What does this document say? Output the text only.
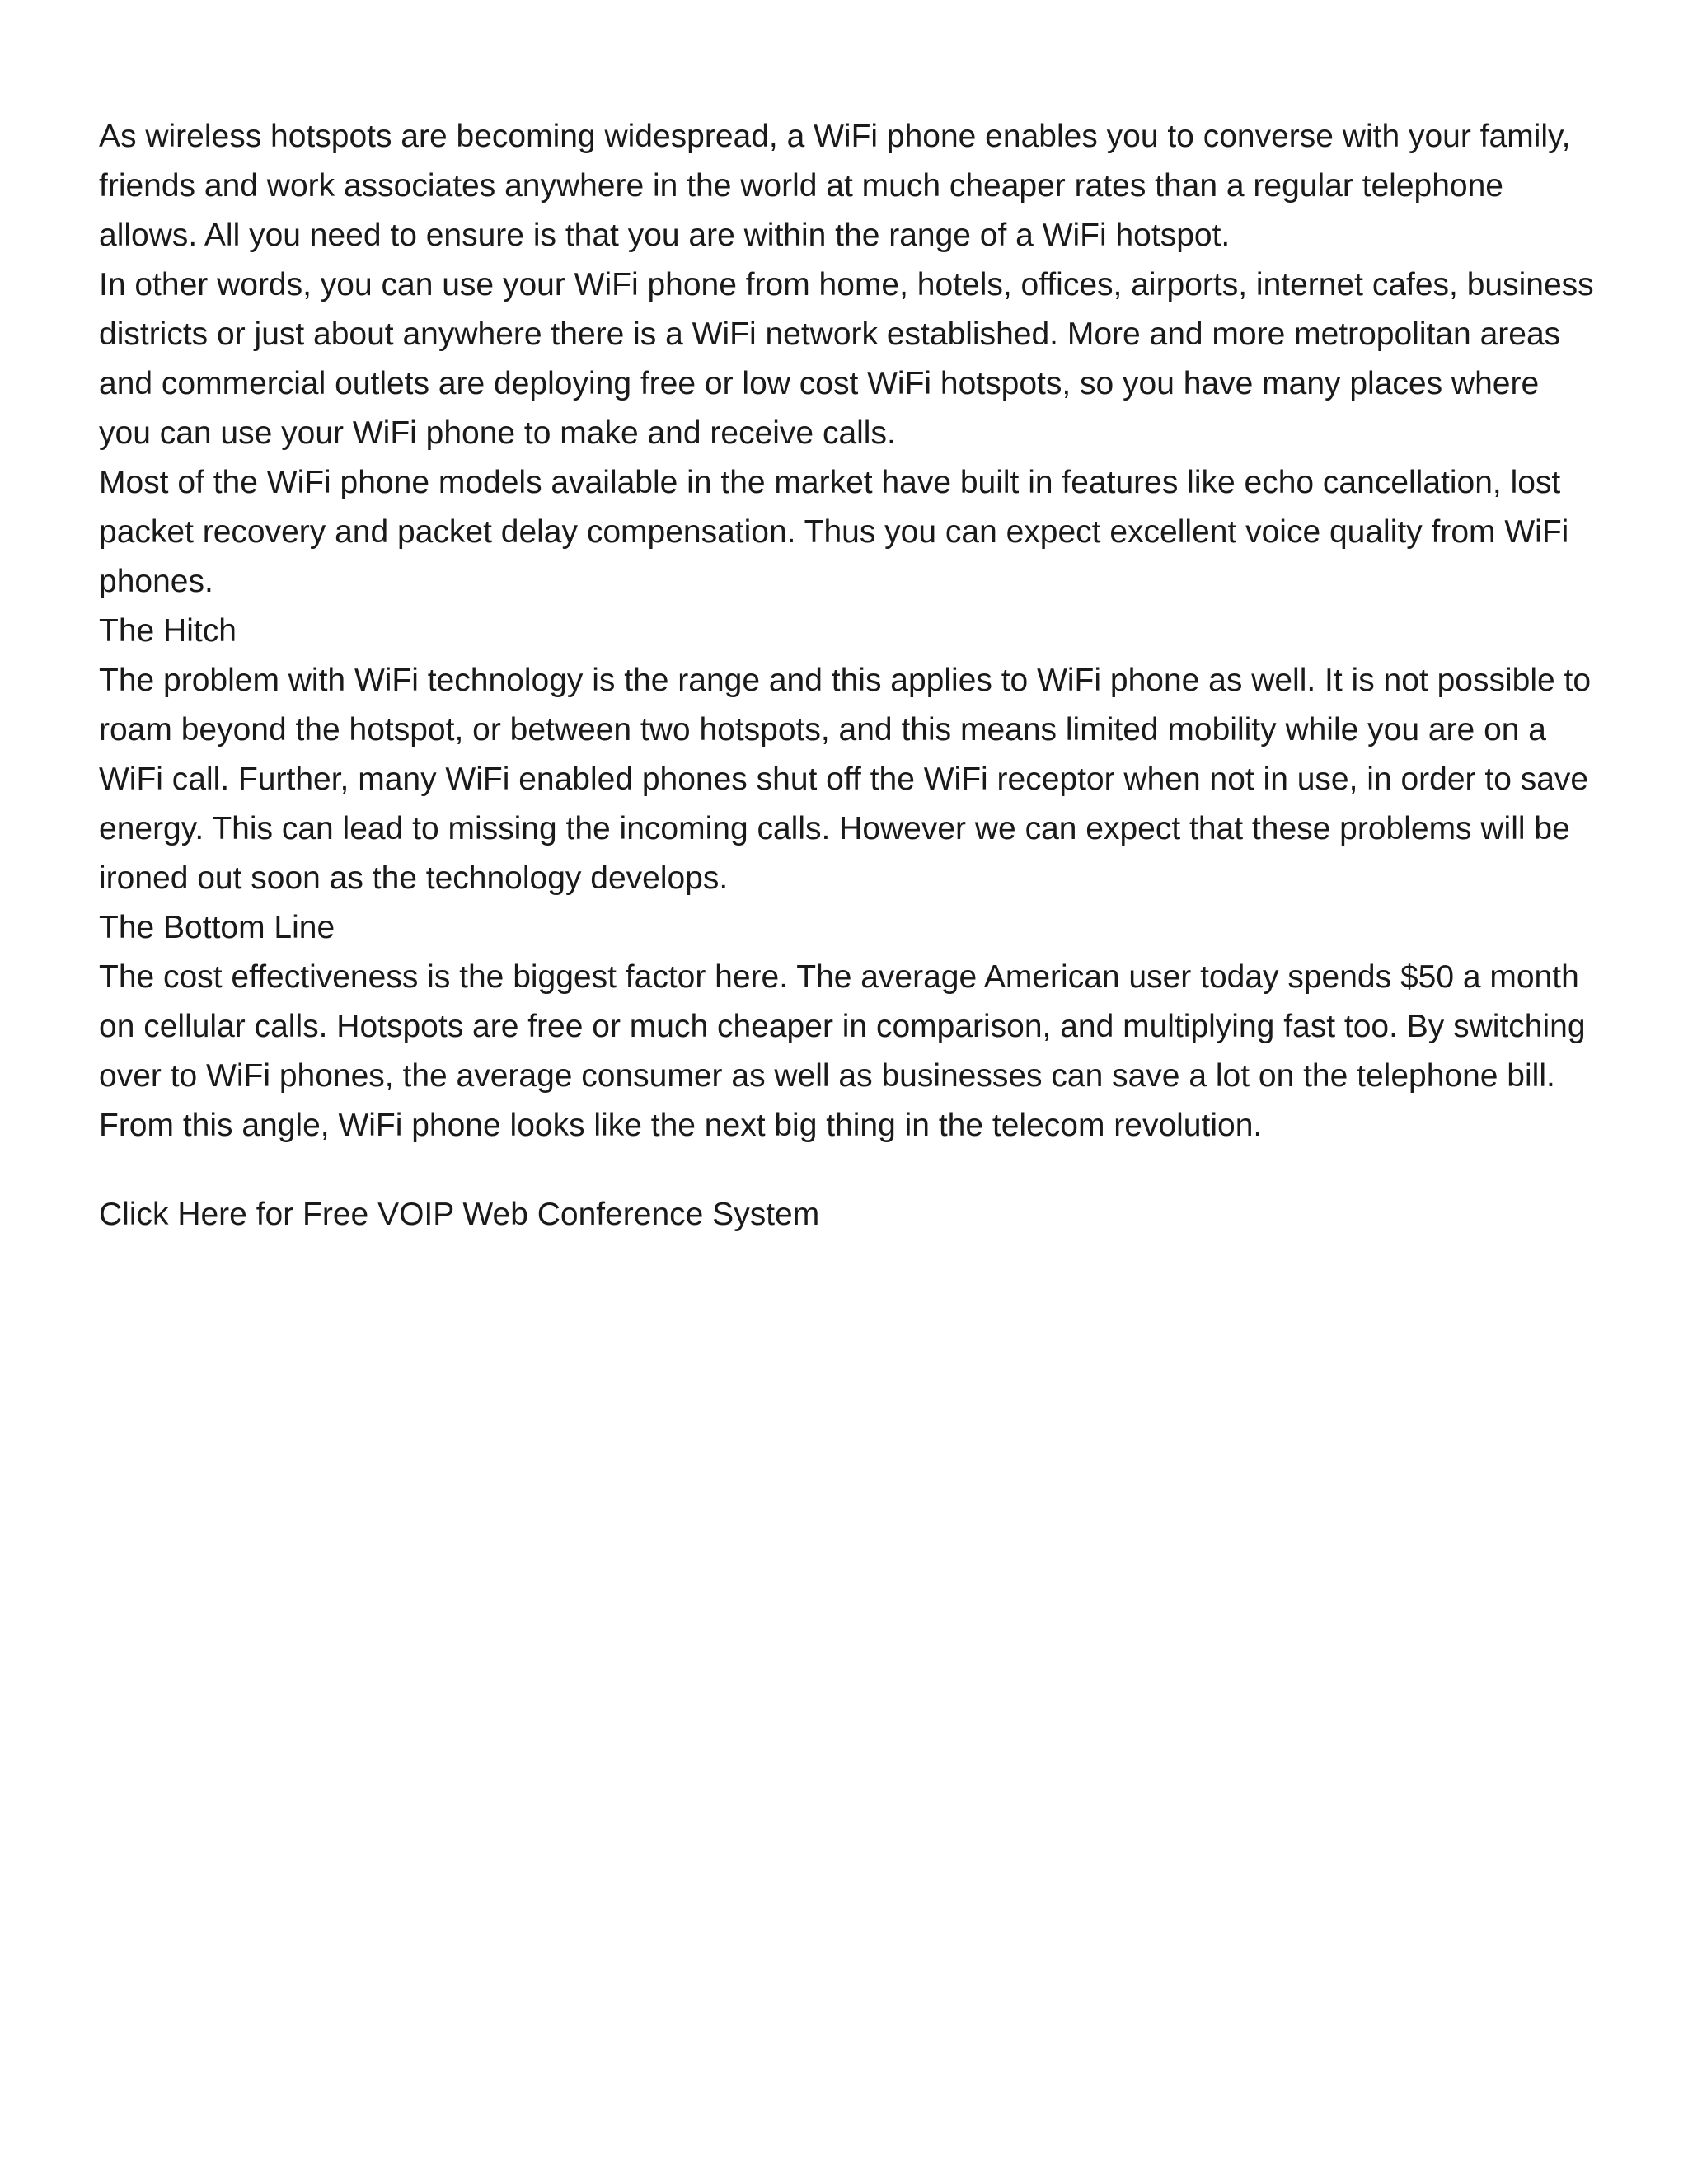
As wireless hotspots are becoming widespread, a WiFi phone enables you to converse with your family, friends and work associates anywhere in the world at much cheaper rates than a regular telephone allows. All you need to ensure is that you are within the range of a WiFi hotspot.

In other words, you can use your WiFi phone from home, hotels, offices, airports, internet cafes, business districts or just about anywhere there is a WiFi network established. More and more metropolitan areas and commercial outlets are deploying free or low cost WiFi hotspots, so you have many places where you can use your WiFi phone to make and receive calls.

Most of the WiFi phone models available in the market have built in features like echo cancellation, lost packet recovery and packet delay compensation. Thus you can expect excellent voice quality from WiFi phones.

The Hitch

The problem with WiFi technology is the range and this applies to WiFi phone as well. It is not possible to roam beyond the hotspot, or between two hotspots, and this means limited mobility while you are on a WiFi call. Further, many WiFi enabled phones shut off the WiFi receptor when not in use, in order to save energy. This can lead to missing the incoming calls. However we can expect that these problems will be ironed out soon as the technology develops.

The Bottom Line

The cost effectiveness is the biggest factor here. The average American user today spends $50 a month on cellular calls. Hotspots are free or much cheaper in comparison, and multiplying fast too. By switching over to WiFi phones, the average consumer as well as businesses can save a lot on the telephone bill. From this angle, WiFi phone looks like the next big thing in the telecom revolution.

Click Here for Free VOIP Web Conference System
